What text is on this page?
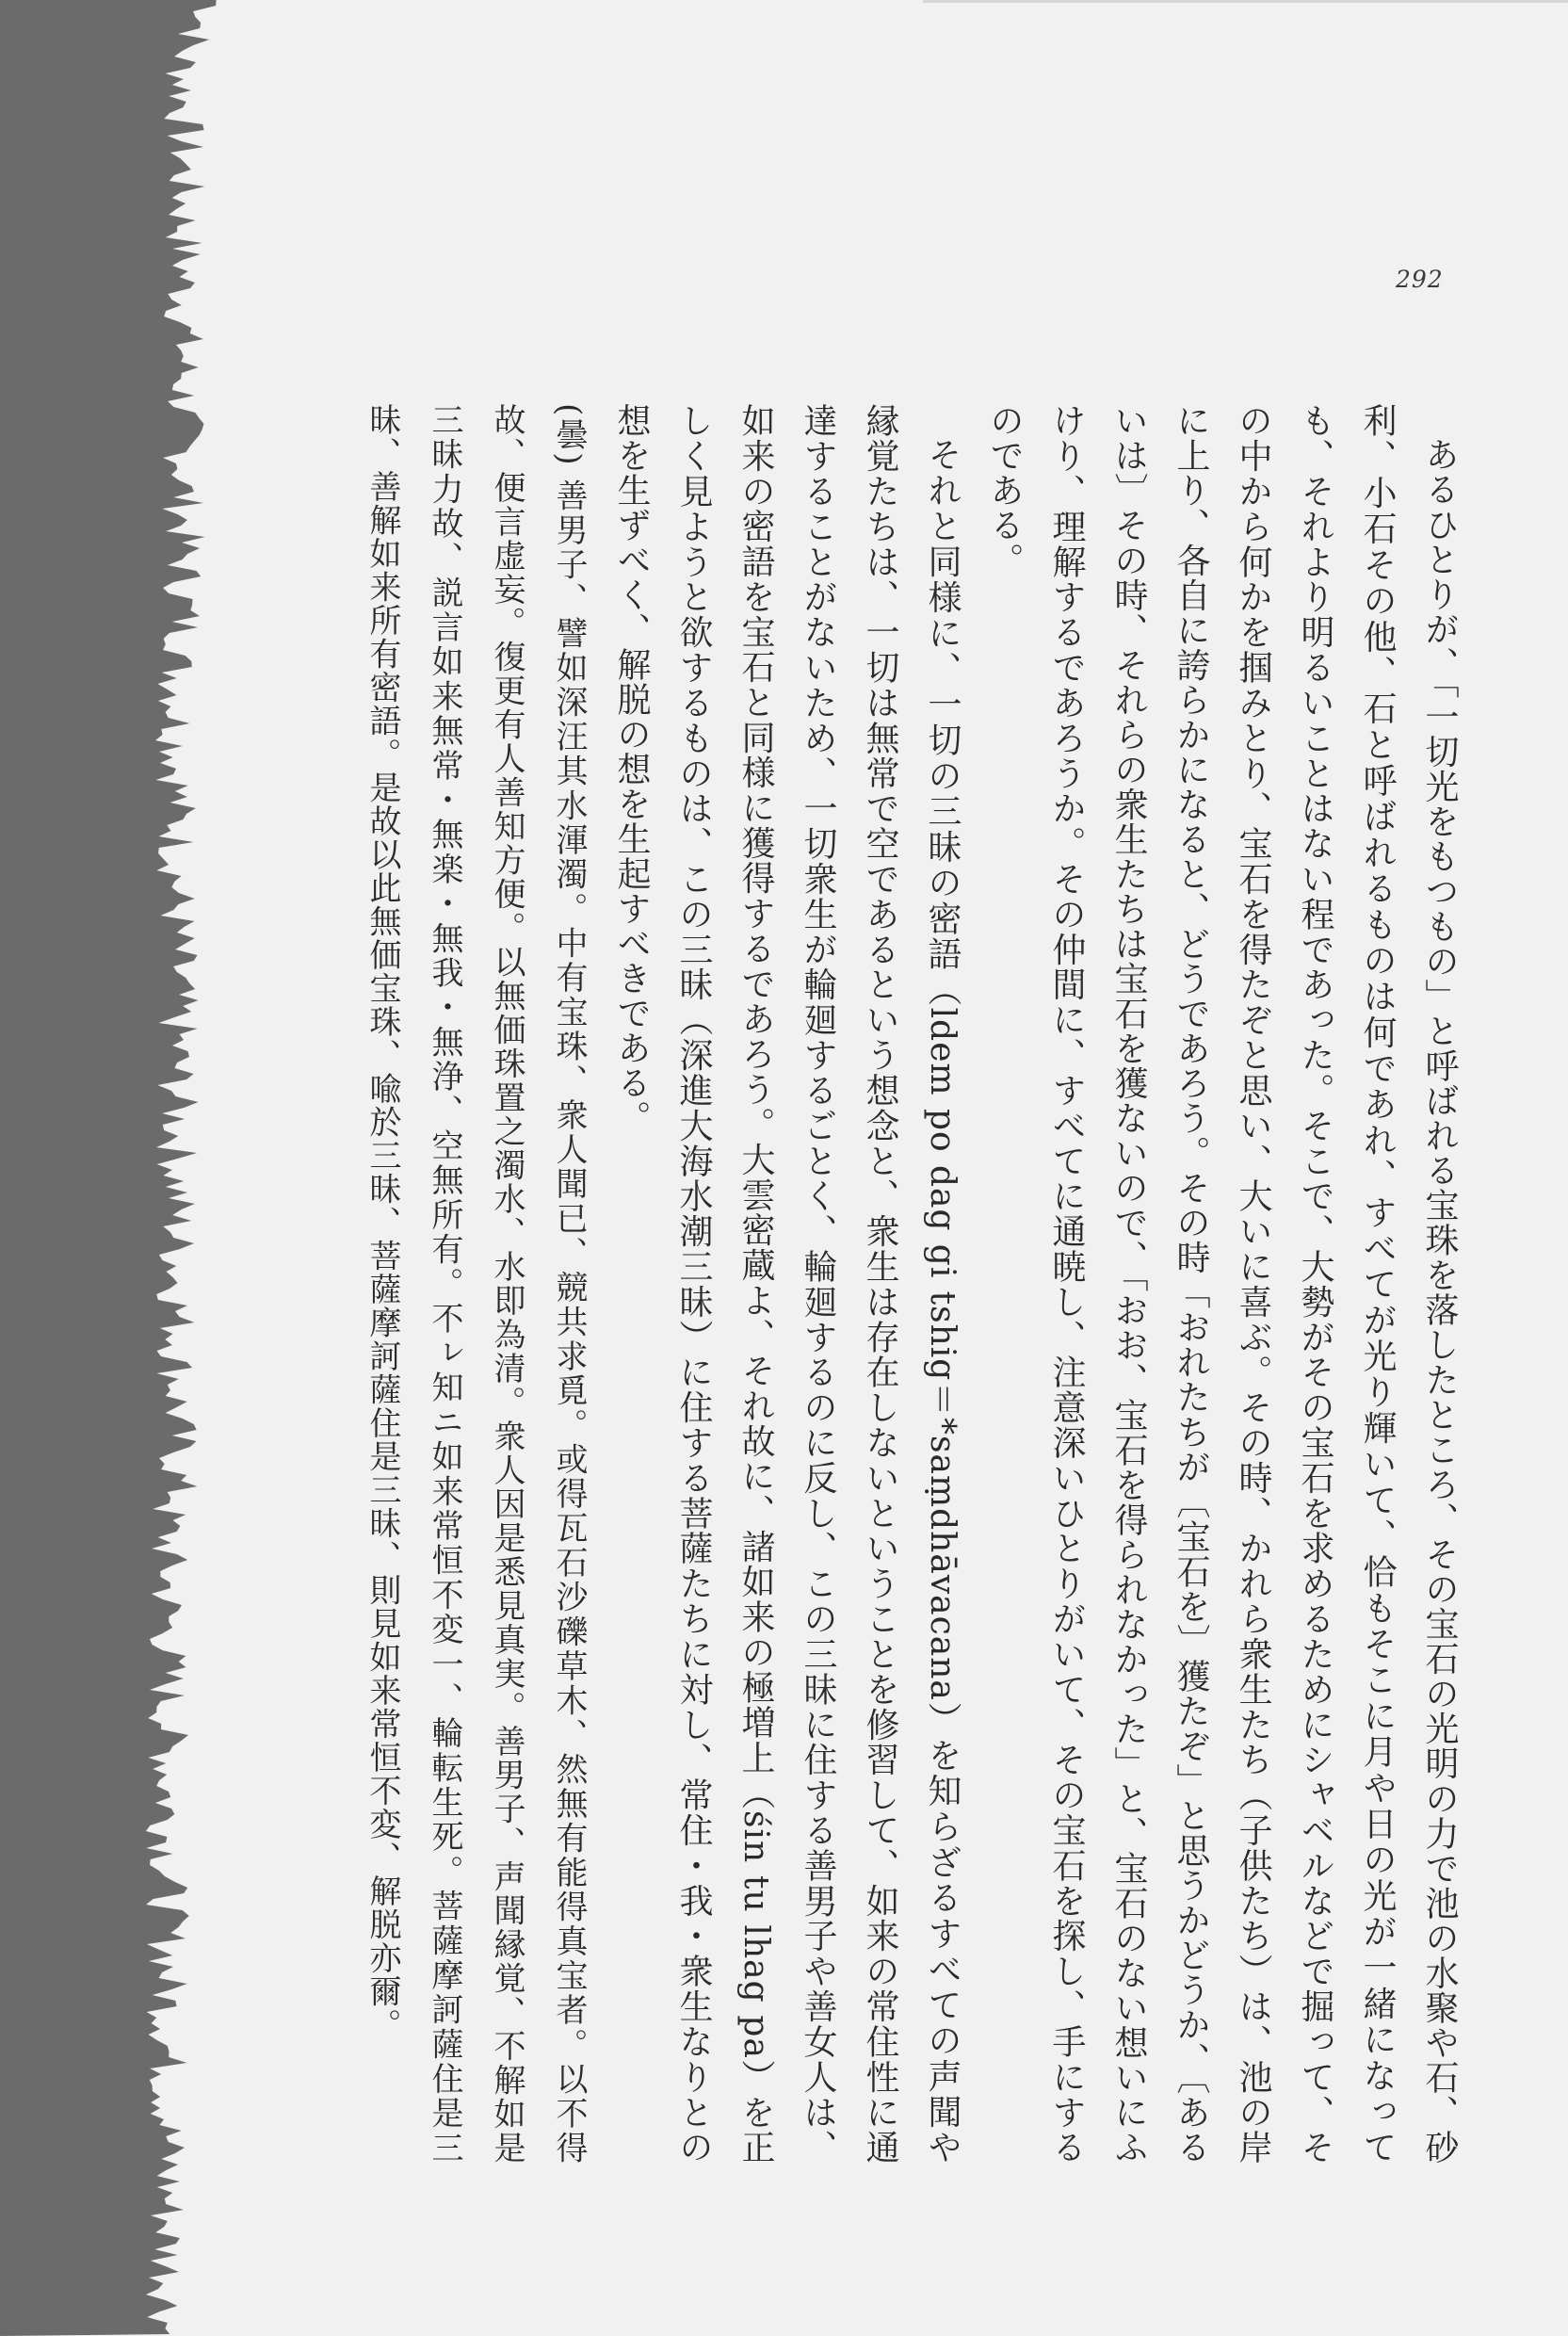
292

あるひとりが、「一切光をもつもの」と呼ばれる宝珠を落したところ、その宝石の光明の力で池の水聚や石、砂利、小石その他、石と呼ばれるものは何であれ、すべてが光り輝いて、恰もそこに月や日の光が一緒になっても、それより明るいことはない程であった。そこで、大勢がその宝石を求めるためにシャベルなどで掘って、その中から何かを掴みとり、宝石を得たぞと思い、大いに喜ぶ。その時、かれら衆生たち（子供たち）は、池の岸に上り、各自に誇らかになると、どうであろう。その時「おれたちが〔宝石を〕獲たぞ」と思うかどうか、〔あるいは〕その時、それらの衆生たちは宝石を獲ないので、「おお、宝石を得られなかった」と、宝石のない想いにふけり、理解するであろうか。その仲間に、すべてに通暁し、注意深いひとりがいて、その宝石を探し、手にするのである。

それと同様に、一切の三昧の密語（ldem po dag gi tshig＝*saṃdhāvacana）を知らざるすべての声聞や縁覚たちは、一切は無常で空であるという想念と、衆生は存在しないということを修習して、如来の常住性に通達することがないため、一切衆生が輪廻するごとく、輪廻するのに反し、この三昧に住する善男子や善女人は、如来の密語を宝石と同様に獲得するであろう。大雲密蔵よ、それ故に、諸如来の極増上（śin tu lhag pa）を正しく見ようと欲するものは、この三昧（深進大海水潮三昧）に住する菩薩たちに対し、常住・我・衆生なりとの想を生ずべく、解脱の想を生起すべきである。

(曇) 善男子、譬如深汪其水渾濁。中有宝珠、衆人聞已、競共求覓。或得瓦石沙礫草木、然無有能得真宝者。以不得故、便言虚妄。復更有人善知方便。以無価珠置之濁水、水即為清。衆人因是悉見真実。善男子、声聞縁覚、不解如是三昧力故、説言如来無常・無楽・無我・無浄、空無所有。不ㇾ知ニ如来常恒不変一、輪転生死。菩薩摩訶薩住是三昧、善解如来所有密語。是故以此無価宝珠、喩於三昧、菩薩摩訶薩住是三昧、則見如来常恒不変、解脱亦爾。
